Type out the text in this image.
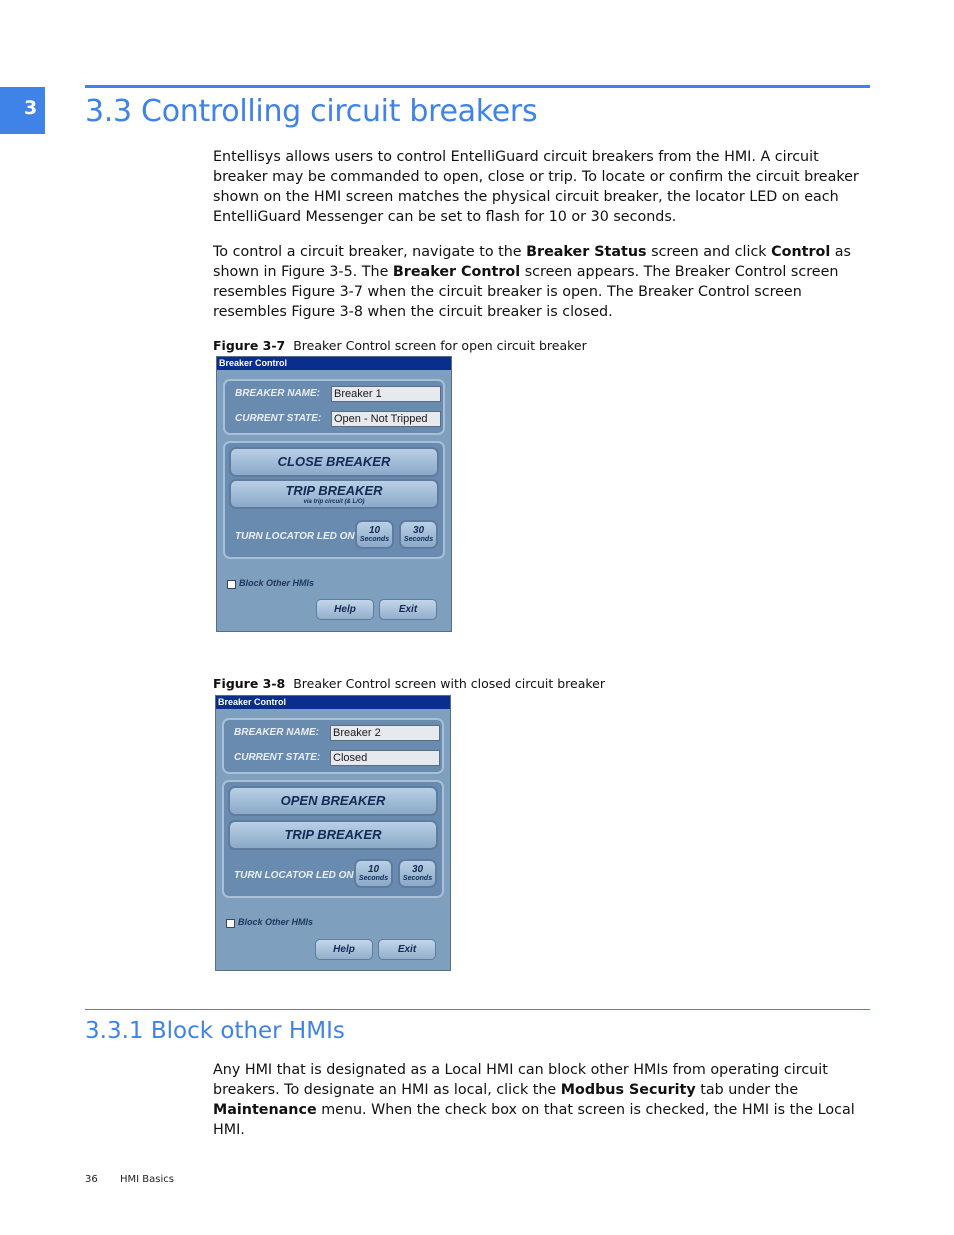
3 3.3 Controlling circuit breakers

Entellisys allows users to control EntelliGuard circuit breakers from the HMI. A circuit breaker may be commanded to open, close or trip. To locate or confirm the circuit breaker shown on the HMI screen matches the physical circuit breaker, the locator LED on each EntelliGuard Messenger can be set to flash for 10 or 30 seconds.

To control a circuit breaker, navigate to the Breaker Status screen and click Control as shown in Figure 3-5. The Breaker Control screen appears. The Breaker Control screen resembles Figure 3-7 when the circuit breaker is open. The Breaker Control screen resembles Figure 3-8 when the circuit breaker is closed.

Figure 3-7 Breaker Control screen for open circuit breaker
Breaker Control
BREAKER NAME: Breaker 1
CURRENT STATE: Open - Not Tripped
CLOSE BREAKER
TRIP BREAKER
via trip circuit (& L/O)
TURN LOCATOR LED ON
10
Seconds
30
Seconds
Block Other HMIs
Help	Exit
Figure 3-8 Breaker Control screen with closed circuit breaker
Breaker Control
BREAKER NAME: Breaker 2
CURRENT STATE: Closed
OPEN BREAKER
TRIP BREAKER
TURN LOCATOR LED ON
10
Seconds
30
Seconds
Block Other HMIs
Help	Exit
3.3.1 Block other HMIs

Any HMI that is designated as a Local HMI can block other HMIs from operating circuit breakers. To designate an HMI as local, click the Modbus Security tab under the Maintenance menu. When the check box on that screen is checked, the HMI is the Local HMI.

36 HMI Basics
